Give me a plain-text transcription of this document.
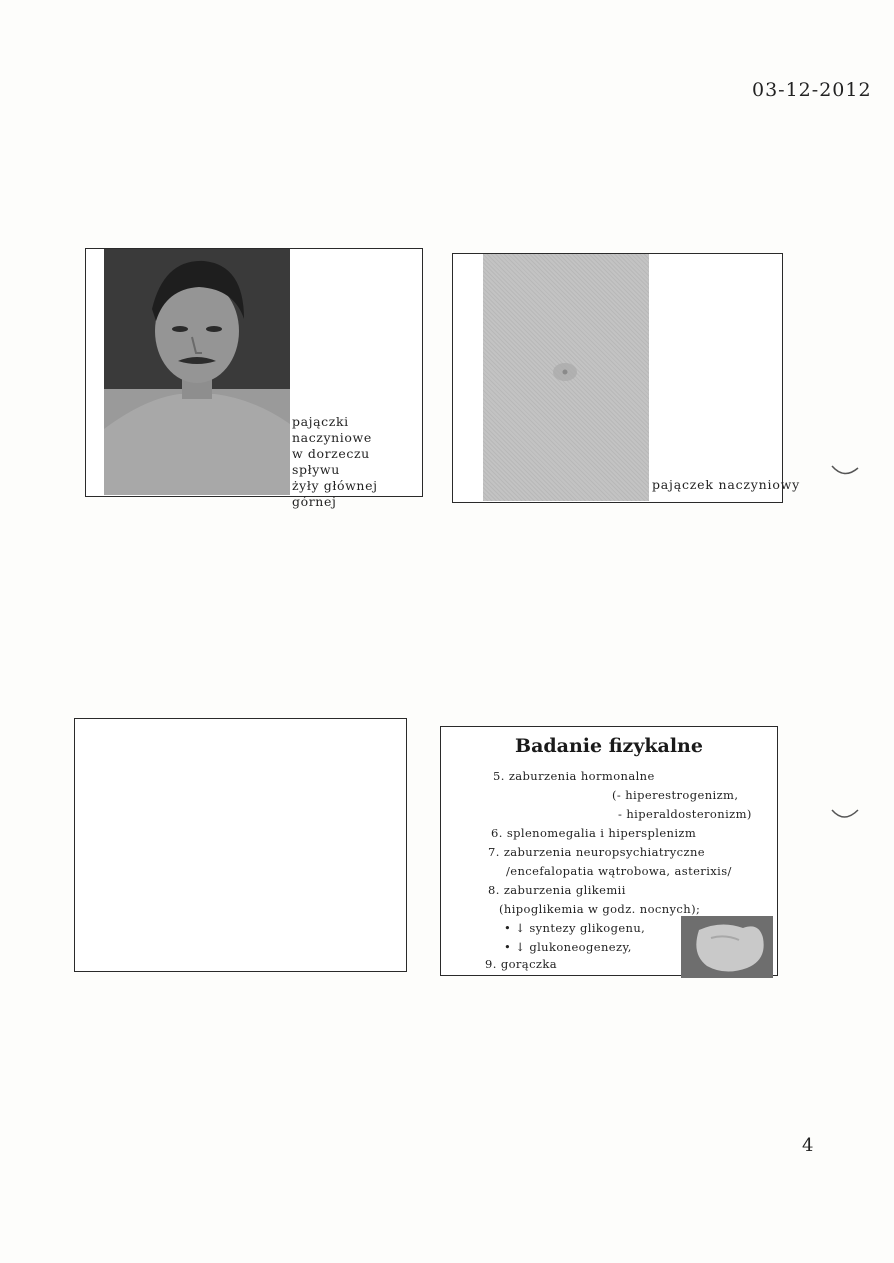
03-12-2012
pajączki naczyniowe
w dorzeczu spływu
żyły głównej górnej
pajączek naczyniowy
Badanie fizykalne
5. zaburzenia hormonalne
(- hiperestrogenizm,
- hiperaldosteronizm)
6. splenomegalia i hipersplenizm
7. zaburzenia neuropsychiatryczne
/encefalopatia wątrobowa, asterixis/
8. zaburzenia glikemii
(hipoglikemia w godz. nocnych);
• ↓ syntezy glikogenu,
• ↓ glukoneogenezy,
9. gorączka
4
